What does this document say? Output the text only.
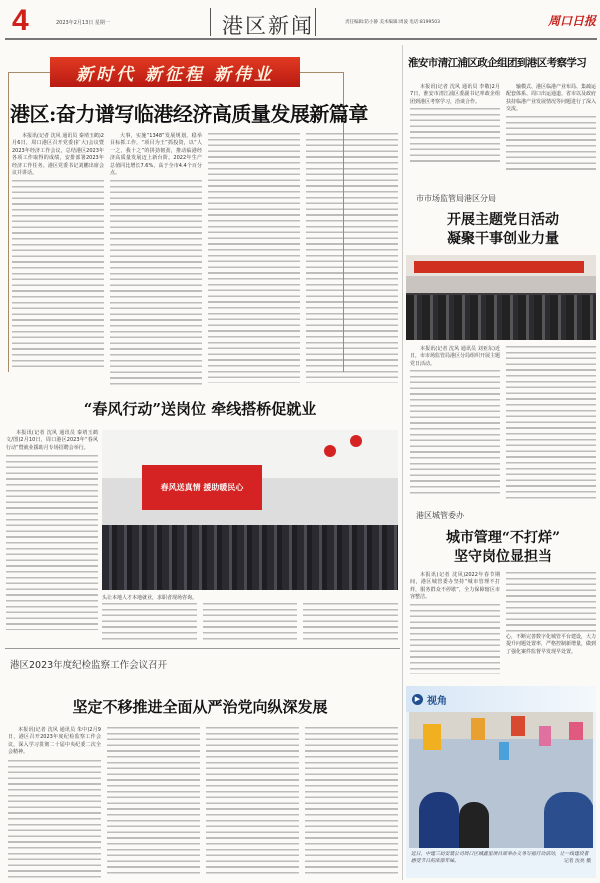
4	2023年2月13日 星期一	港区新闻	责任编辑:防小静 美术编辑:周波 电话:8199503	周口日报
新时代 新征程 新伟业
港区:奋力谱写临港经济高质量发展新篇章

本报讯(记者 沈风 通讯员 秦靖玉鹤)2月6日，周口港区召开党委(扩大)会议暨2023年经济工作会议，总结港区2023年各项工作取得的成绩，安排部署2023年经济工作任务。港区党委书记刘鹏出席会议并讲话。

大事，实施“1348”发展规划，稳举目标抓工作，“项目为王”抓投资，以“人一之，我十之”的拼劲韧劲，推动临港经济高质量发展迈上新台阶。2022年生产总值同比增长7.6%，高于全市4.4个百分点。

“春风行动”送岗位 牵线搭桥促就业

本报讯(记者 沈风 通讯员 秦靖玉鹤 文/图)2月10日，周口港区2023年“春风行动”暨就业援助月专场招聘会举行。

春风送真情 援助暖民心
头让本地人才本地就业，求职者现场咨询。
港区2023年度纪检监察工作会议召开
坚定不移推进全面从严治党向纵深发展

本报讯(记者 沈风 通讯员 朱中)2月9日，港区召开2023年度纪检监察工作会议，深入学习贯彻二十届中央纪委二次全会精神。

淮安市清江浦区政企组团到港区考察学习

本报讯(记者 沈风 通讯员 李敬)2月7日，淮安市清江浦区委副书记率政企组团到港区考察学习，洽谈合作。

输模式、港区临港产业布局、集疏运配套体系、周口出运通道、省市以及政府扶持临港产业发展情况等问题进行了深入交流。

市市场监管局港区分局
开展主题党日活动
凝聚干事创业力量

本报讯(记者 沈风 通讯员 刘亚东)近日，市市场监管局港区分局组织开展主题党日活动。

港区城管委办
城市管理“不打烊”
坚守岗位显担当

本报讯(记者 沈风)2022年春节期间，港区城管委办坚持“城市管理不打烊，服务群众不停歇”，全力保障辖区市容整洁。

心，不断完善数字化城管平台建设，大力提升问题处置率，严格控制新增量，做到了强化案件监督早发现早处置。

▶ 视角
近日，中建三局安装公司周口区城鑫里项目部举办义务写福行动活动，让一线建设者感受节日的浓郁年味。	记者 沈亮 摄
